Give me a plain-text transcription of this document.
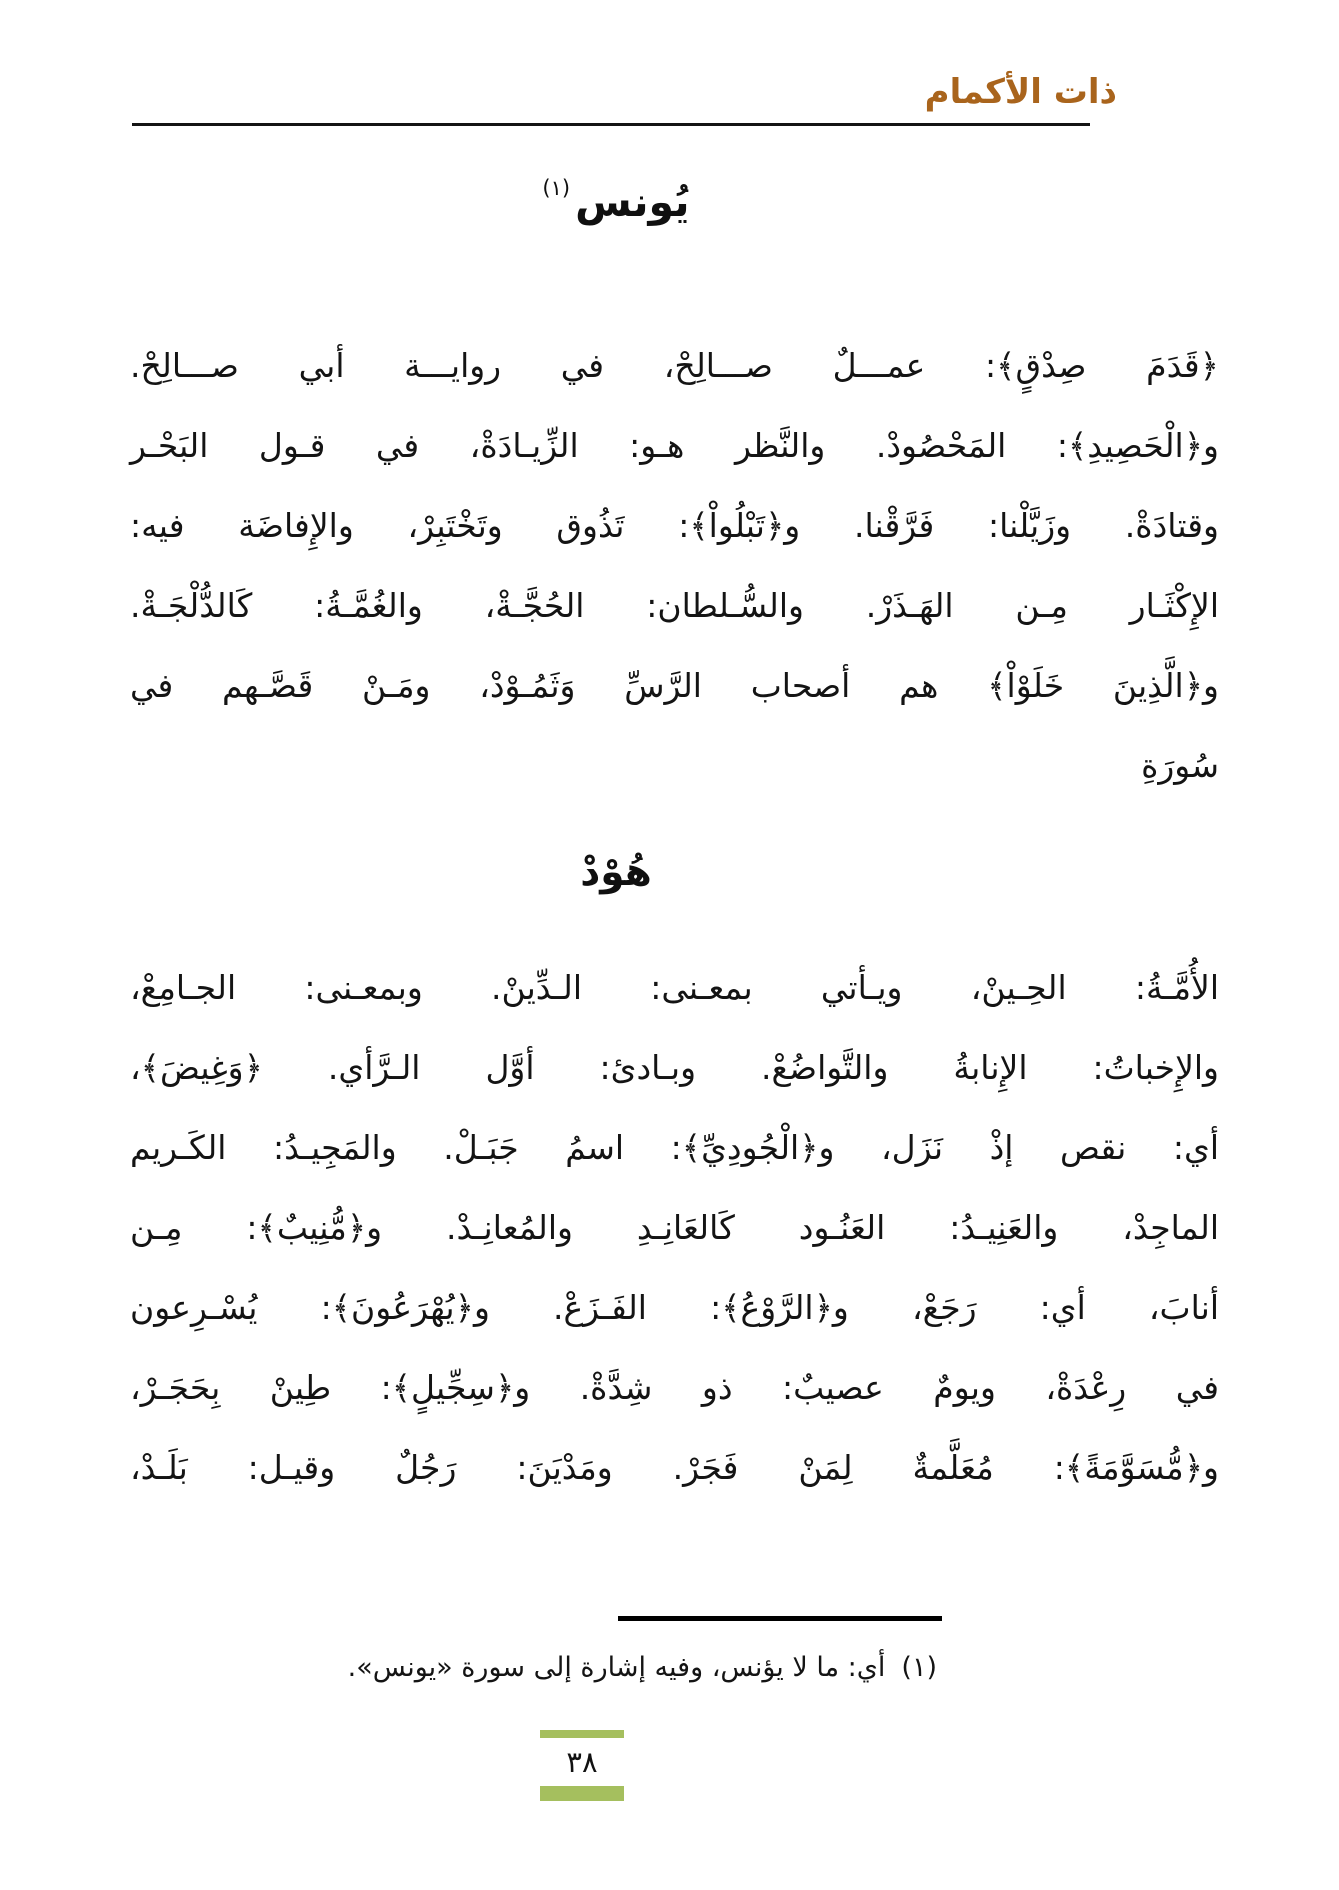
ذات الأكمام
يُونس$^{(١)}$
﴿قَدَمَ صِدْقٍ﴾: عمـــلٌ صـــالِحْ، في روايـــة أبي صـــالِحْ.
و﴿الْحَصِيدِ﴾: المَحْصُودْ. والنَّظر هـو: الزِّيـادَةْ، في قـول البَحْـر
وقتادَةْ. وزَيَّلْنا: فَرَّقْنا. و﴿تَبْلُواْ﴾: تَذُوق وتَخْتَبِرْ، والإِفاضَة فيه:
الإِكْثَـار مِـن الهَـذَرْ. والسُّـلطان: الحُجَّـةْ، والغُمَّـةُ: كَالدُّلْجَـةْ.
و﴿الَّذِينَ خَلَوْاْ﴾ هم أصحاب الرَّسِّ وَثَمُـوْدْ، ومَـنْ قَصَّـهم في
سُورَةِ
هُوْدْ
الأُمَّـةُ: الحِـينْ، ويـأتي بمعـنى: الـدِّينْ. وبمعـنى: الجـامِعْ،
والإِخباتُ: الإِنابةُ والتَّواضُعْ. وبـادئ: أوَّل الـرَّأي. ﴿وَغِيضَ﴾،
أي: نقص إذْ نَزَل، و﴿الْجُودِيِّ﴾: اسمُ جَبَـلْ. والمَجِيـدُ: الكَـريم
الماجِدْ، والعَنِيـدُ: العَنُـود كَالعَانِـدِ والمُعانِـدْ. و﴿مُّنِيبٌ﴾: مِـن
أنابَ، أي: رَجَعْ، و﴿الرَّوْعُ﴾: الفَـزَعْ. و﴿يُهْرَعُونَ﴾: يُسْـرِعون
في رِعْدَةْ، ويومٌ عصيبٌ: ذو شِدَّةْ. و﴿سِجِّيلٍ﴾: طِينْ بِحَجَـرْ،
و﴿مُّسَوَّمَةً﴾: مُعَلَّمةٌ لِمَنْ فَجَرْ. ومَدْيَنَ: رَجُلٌ وقيـل: بَلَـدْ،
(١)أي: ما لا يؤنس، وفيه إشارة إلى سورة «يونس».
٣٨
